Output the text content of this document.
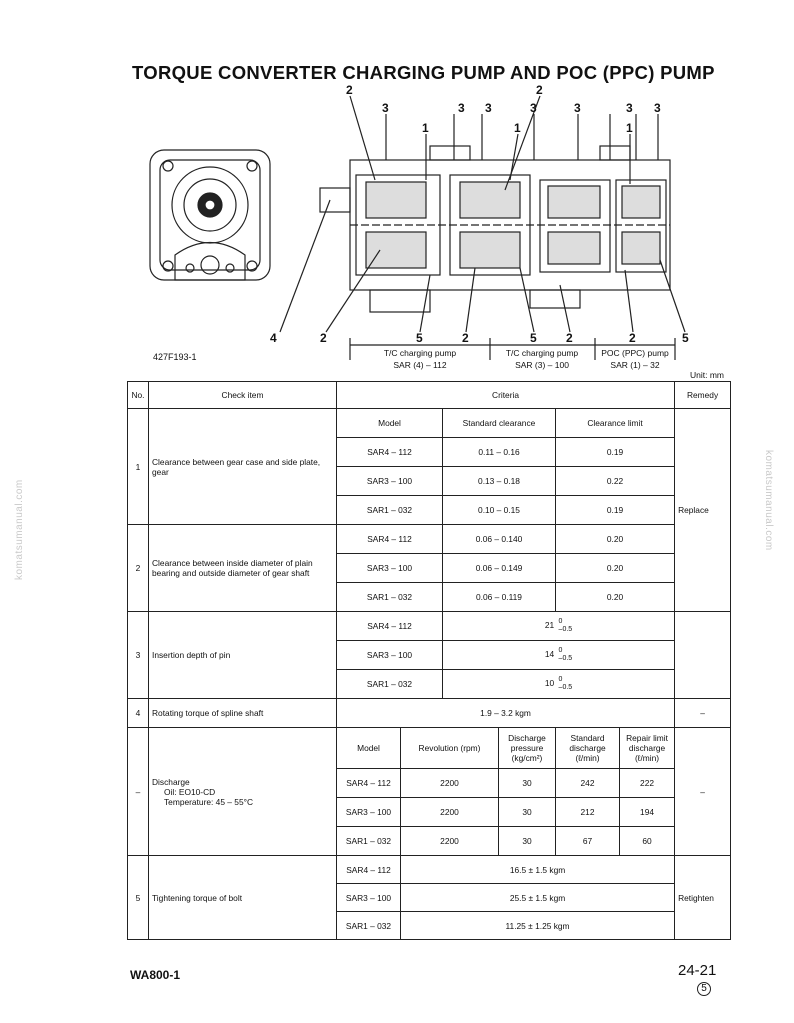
TORQUE CONVERTER CHARGING PUMP AND POC (PPC) PUMP
2	2
3	3 3	3	3	3 3
1	1	1
4	2	5	2	5 2	2	5
T/C charging pump
SAR (4) – 112
T/C charging pump
SAR (3) – 100
POC (PPC) pump
SAR (1) – 32
427F193-1
Unit: mm
komatsumanual.com	komatsumanual.com
No.	Check item	Criteria						Remedy
1	Clearance between gear case and side plate, gear	Model		Standard clearance		Clearance limit		Replace
		SAR4 – 112		0.11 – 0.16		0.19		
		SAR3 – 100		0.13 – 0.18		0.22		
		SAR1 – 032		0.10 – 0.15		0.19		
2	Clearance between inside diameter of plain bearing and outside diameter of gear shaft	SAR4 – 112		0.06 – 0.140		0.20		
		SAR3 – 100		0.06 – 0.149		0.20		
		SAR1 – 032		0.06 – 0.119		0.20		
3	Insertion depth of pin	SAR4 – 112		21 0
–0.5				

		SAR3 – 100		14 0
–0.5				

		SAR1 – 032		10 0
–0.5				

4	Rotating torque of spline shaft	1.9 – 3.2 kgm						–
–	Discharge
Oil: EO10-CD
Temperature: 45 – 55°C	Model	Revolution (rpm)		Discharge pressure (kg/cm²)	Standard discharge (ℓ/min)	Repair limit discharge (ℓ/min)	–
		SAR4 – 112	2200		30	242	222	
		SAR3 – 100	2200		30	212	194	
		SAR1 – 032	2200		30	67	60	
5	Tightening torque of bolt	SAR4 – 112	16.5 ± 1.5 kgm					Retighten
		SAR3 – 100	25.5 ± 1.5 kgm					
		SAR1 – 032	11.25 ± 1.25 kgm					
WA800-1	24-21
5
